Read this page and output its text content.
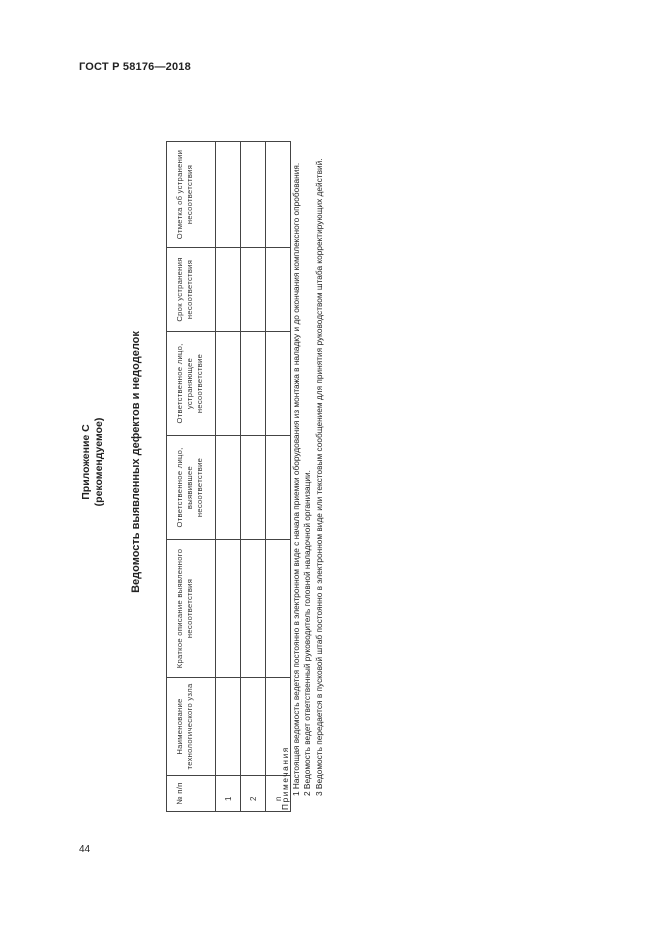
ГОСТ Р 58176—2018
44
Приложение С (рекомендуемое) Ведомость выявленных дефектов и недоделок
№ п/п	Наименование технологического узла	Краткое описание выявленного несоответствия	Ответственное лицо, выявившее несоответствие	Ответственное лицо, устраняющее несоответствие	Срок устранения несоответствия	Отметка об устранении несоответствия
1						
2						
n						
Примечания 1 Настоящая ведомость ведется постоянно в электронном виде с начала приемки оборудования из монтажа в наладку и до окончания комплексного опробования. 2 Ведомость ведет ответственный руководитель головной наладочной организации. 3 Ведомость передается в пусковой штаб постоянно в электронном виде или текстовым сообщением для принятия руководством штаба корректирующих действий.
